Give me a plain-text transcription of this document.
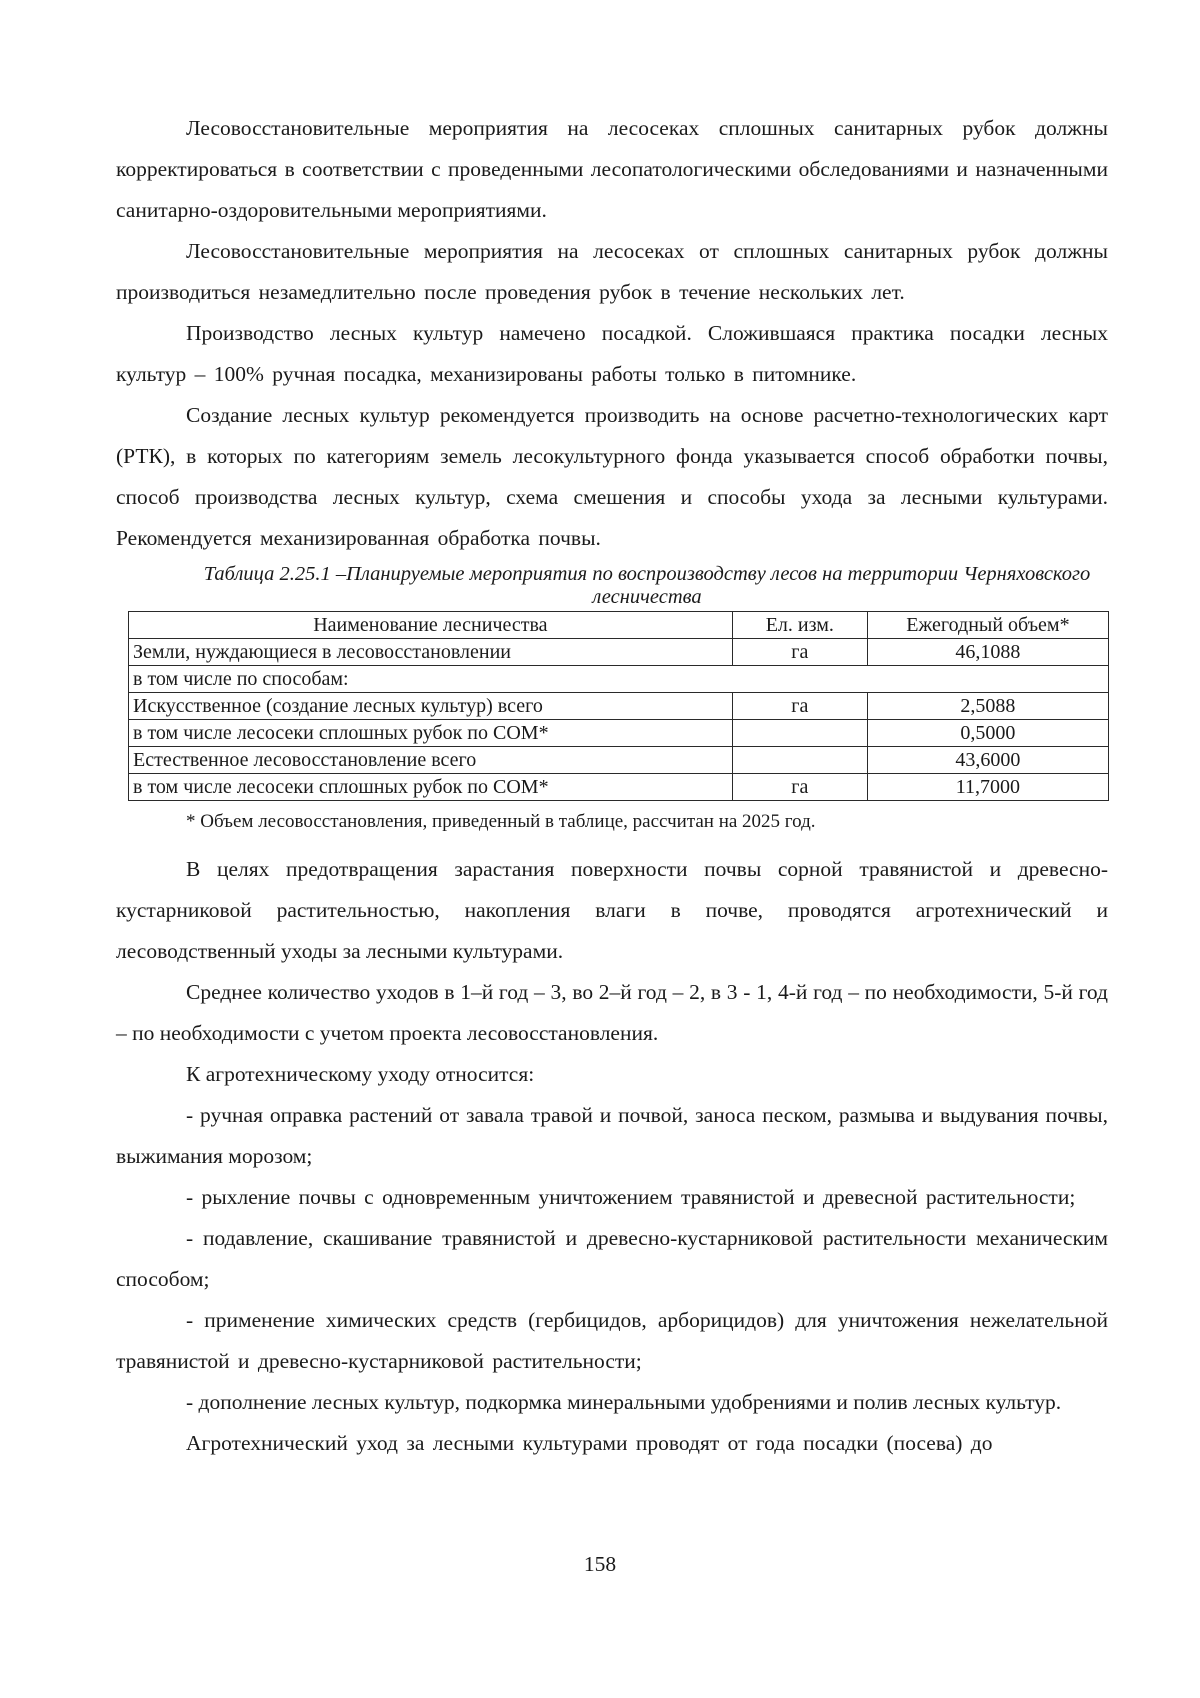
Лесовосстановительные мероприятия на лесосеках сплошных санитарных рубок должны корректироваться в соответствии с проведенными лесопатологическими обследованиями и назначенными санитарно-оздоровительными мероприятиями.

Лесовосстановительные мероприятия на лесосеках от сплошных санитарных рубок должны производиться незамедлительно после проведения рубок в течение нескольких лет.

Производство лесных культур намечено посадкой. Сложившаяся практика посадки лесных культур – 100% ручная посадка, механизированы работы только в питомнике.

Создание лесных культур рекомендуется производить на основе расчетно-технологических карт (РТК), в которых по категориям земель лесокультурного фонда указывается способ обработки почвы, способ производства лесных культур, схема смешения и способы ухода за лесными культурами. Рекомендуется механизированная обработка почвы.

Таблица 2.25.1 –Планируемые мероприятия по воспроизводству лесов на территории Черняховского лесничества
Наименование лесничества	Ел. изм.	Ежегодный объем*
Земли, нуждающиеся в лесовосстановлении	га	46,1088
в том числе по способам:		
Искусственное (создание лесных культур) всего	га	2,5088
в том числе лесосеки сплошных рубок по СОМ*		0,5000
Естественное лесовосстановление всего		43,6000
в том числе лесосеки сплошных рубок по СОМ*	га	11,7000
* Объем лесовосстановления, приведенный в таблице, рассчитан на 2025 год.

В целях предотвращения зарастания поверхности почвы сорной травянистой и древесно-кустарниковой растительностью, накопления влаги в почве, проводятся агротехнический и лесоводственный уходы за лесными культурами.

Среднее количество уходов в 1–й год – 3, во 2–й год – 2, в 3 - 1, 4-й год – по необходимости, 5-й год – по необходимости с учетом проекта лесовосстановления.

К агротехническому уходу относится:

- ручная оправка растений от завала травой и почвой, заноса песком, размыва и выдувания почвы, выжимания морозом;

- рыхление почвы с одновременным уничтожением травянистой и древесной растительности;

- подавление, скашивание травянистой и древесно-кустарниковой растительности механическим способом;

- применение химических средств (гербицидов, арборицидов) для уничтожения нежелательной травянистой и древесно-кустарниковой растительности;

- дополнение лесных культур, подкормка минеральными удобрениями и полив лесных культур.

Агротехнический уход за лесными культурами проводят от года посадки (посева) до

158
